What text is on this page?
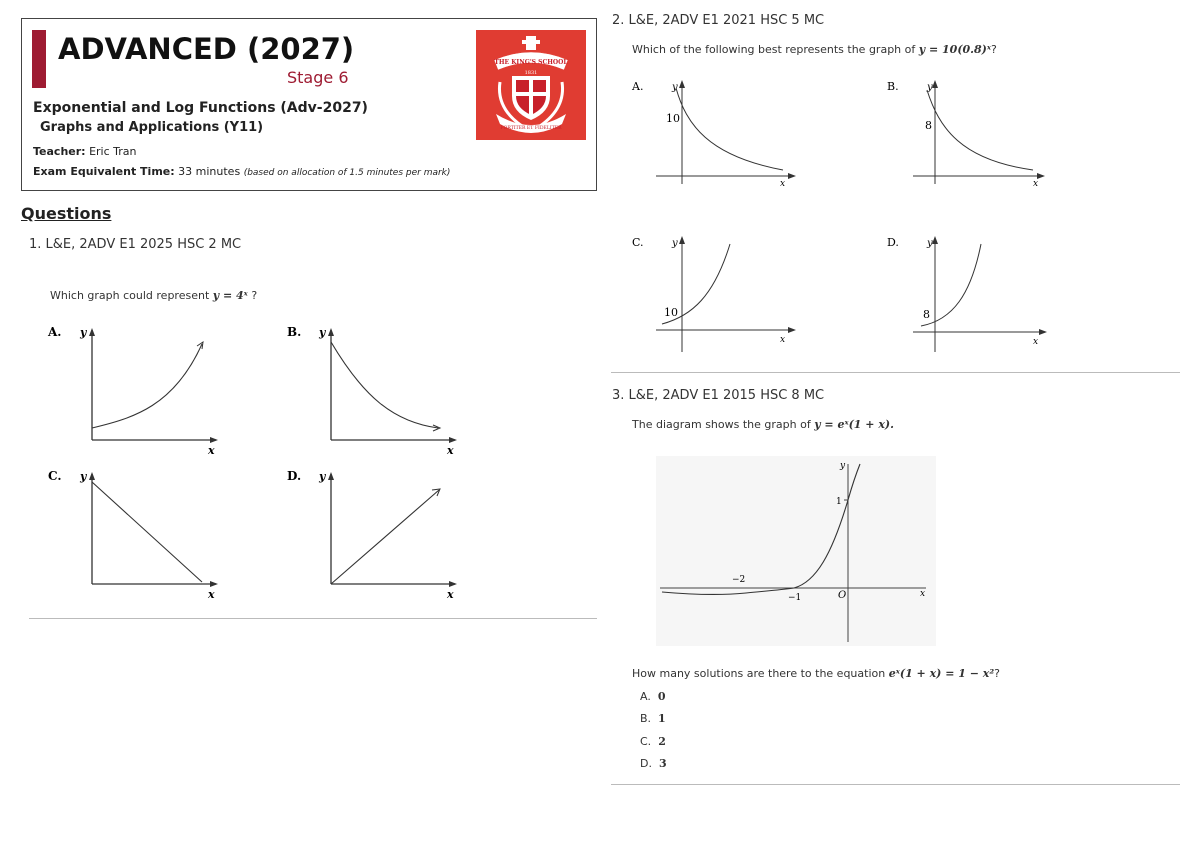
ADVANCED (2027)
Stage 6
Exponential and Log Functions (Adv-2027)
Graphs and Applications (Y11)
Teacher: Eric Tran
Exam Equivalent Time: 33 minutes (based on allocation of 1.5 minutes per mark)
THE KING'S SCHOOL
1831
FORTITER ET FIDELITER
Questions
1. L&E, 2ADV E1 2025 HSC 2 MC
Which graph could represent y = 4ˣ ?
A. y
x
B. y
x
C. y
x
D. y
x
2. L&E, 2ADV E1 2021 HSC 5 MC
Which of the following best represents the graph of y = 10(0.8)ˣ?
A.	y
x
10
B.	y
x
8
C.	y
x
10
D.	y
x
8
3. L&E, 2ADV E1 2015 HSC 8 MC
The diagram shows the graph of y = eˣ(1 + x).
y
x
1
O
−2
−1
How many solutions are there to the equation eˣ(1 + x) = 1 − x²?
A. 0
B. 1
C. 2
D. 3
